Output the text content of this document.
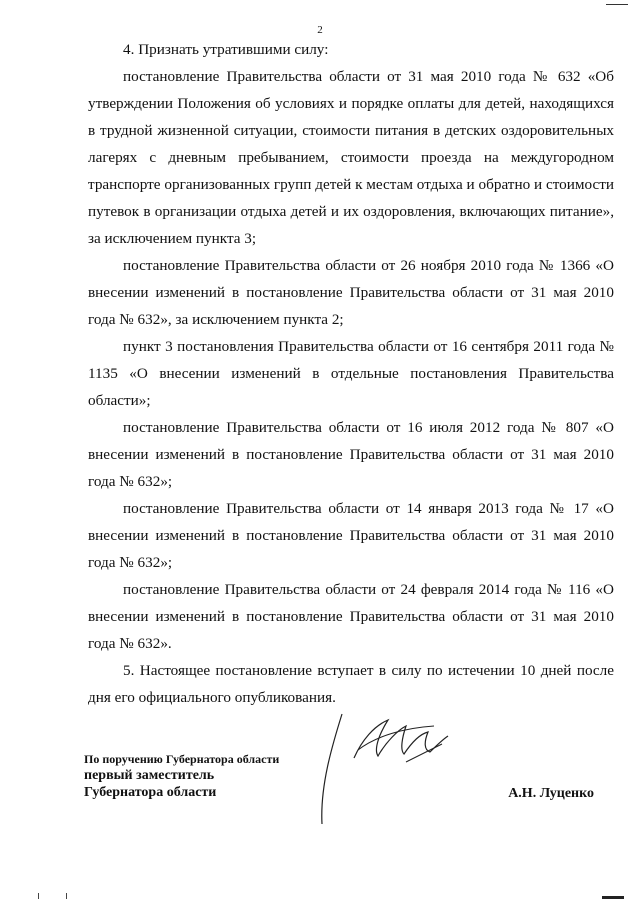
2

4. Признать утратившими силу:

постановление Правительства области от 31 мая 2010 года № 632 «Об утверждении Положения об условиях и порядке оплаты для детей, находящихся в трудной жизненной ситуации, стоимости питания в детских оздоровительных лагерях с дневным пребыванием, стоимости проезда на междугородном транспорте организованных групп детей к местам отдыха и обратно и стоимости путевок в организации отдыха детей и их оздоровления, включающих питание», за исключением пункта 3;

постановление Правительства области от 26 ноября 2010 года № 1366 «О внесении изменений в постановление Правительства области от 31 мая 2010 года № 632», за исключением пункта 2;

пункт 3 постановления Правительства области от 16 сентября 2011 года № 1135 «О внесении изменений в отдельные постановления Правительства области»;

постановление Правительства области от 16 июля 2012 года № 807 «О внесении изменений в постановление Правительства области от 31 мая 2010 года № 632»;

постановление Правительства области от 14 января 2013 года № 17 «О внесении изменений в постановление Правительства области от 31 мая 2010 года № 632»;

постановление Правительства области от 24 февраля 2014 года № 116 «О внесении изменений в постановление Правительства области от 31 мая 2010 года № 632».

5. Настоящее постановление вступает в силу по истечении 10 дней после дня его официального опубликования.

По поручению Губернатора области
первый заместитель
Губернатора области	А.Н. Луценко
